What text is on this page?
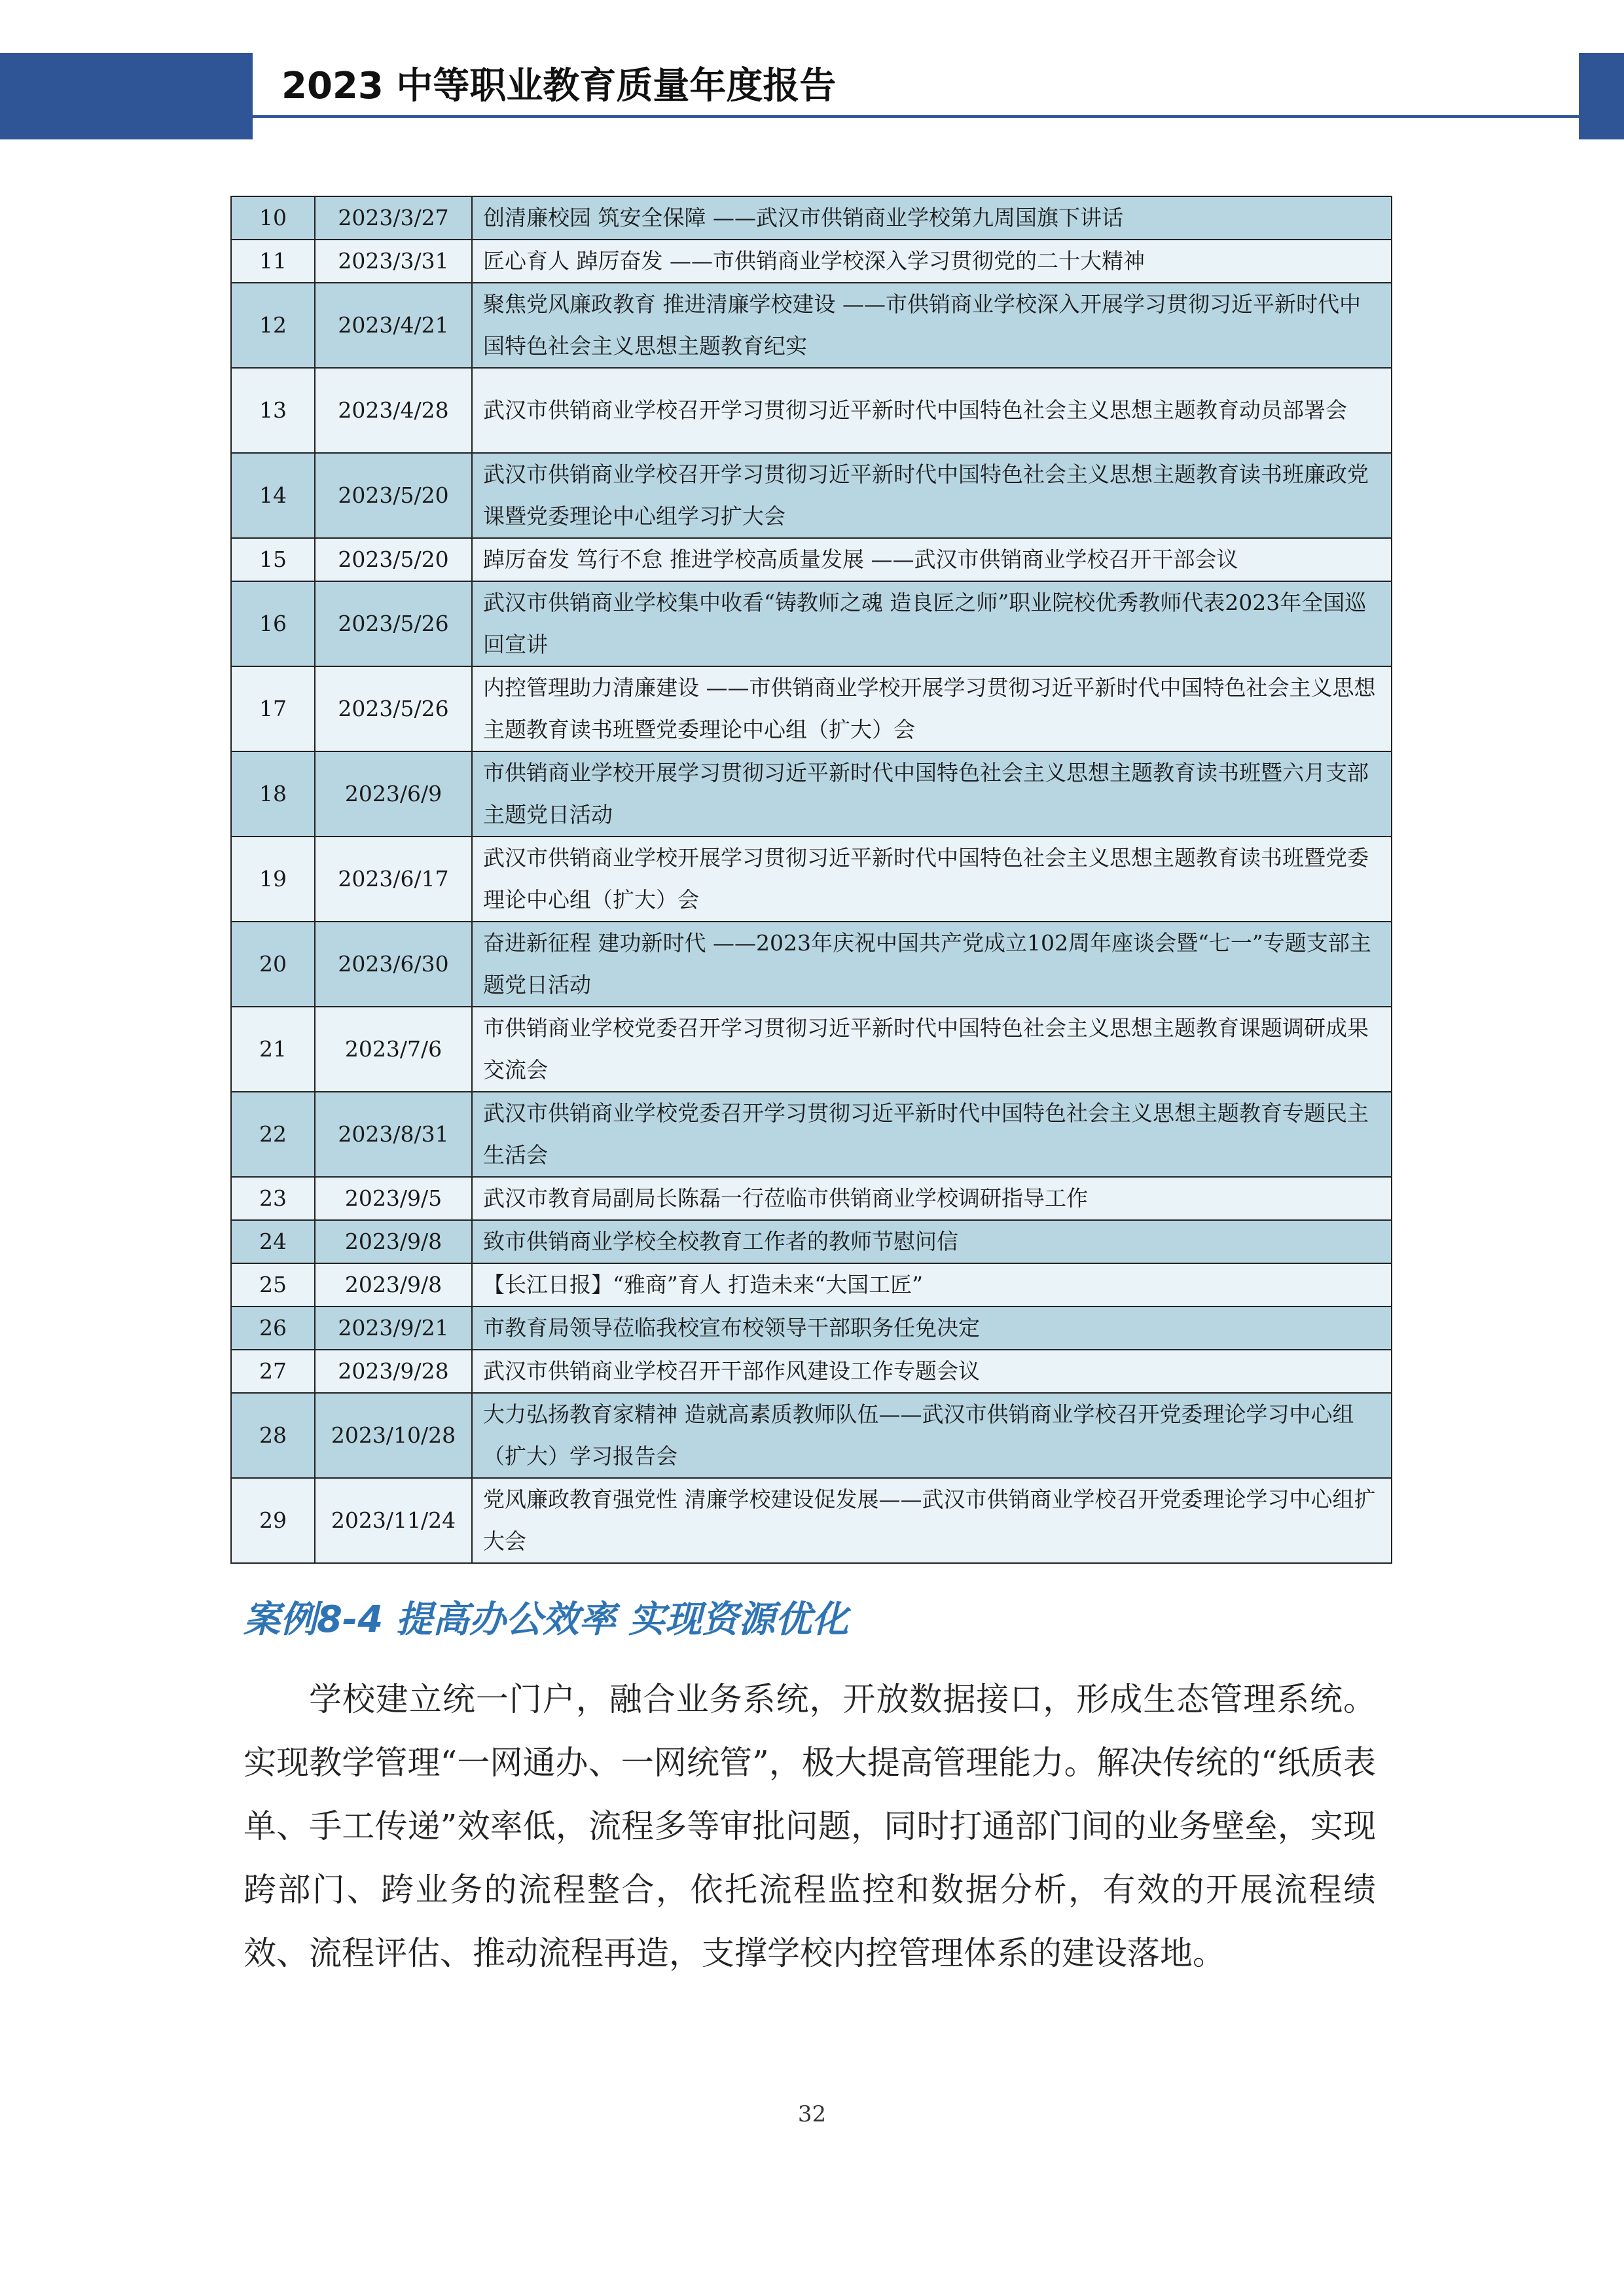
2023 中等职业教育质量年度报告
10	2023/3/27	创清廉校园 筑安全保障 ——武汉市供销商业学校第九周国旗下讲话
11	2023/3/31	匠心育人 踔厉奋发 ——市供销商业学校深入学习贯彻党的二十大精神
12	2023/4/21	聚焦党风廉政教育 推进清廉学校建设 ——市供销商业学校深入开展学习贯彻习近平新时代中国特色社会主义思想主题教育纪实
13	2023/4/28	武汉市供销商业学校召开学习贯彻习近平新时代中国特色社会主义思想主题教育动员部署会
14	2023/5/20	武汉市供销商业学校召开学习贯彻习近平新时代中国特色社会主义思想主题教育读书班廉政党课暨党委理论中心组学习扩大会
15	2023/5/20	踔厉奋发 笃行不怠 推进学校高质量发展 ——武汉市供销商业学校召开干部会议
16	2023/5/26	武汉市供销商业学校集中收看“铸教师之魂 造良匠之师”职业院校优秀教师代表2023年全国巡回宣讲
17	2023/5/26	内控管理助力清廉建设 ——市供销商业学校开展学习贯彻习近平新时代中国特色社会主义思想主题教育读书班暨党委理论中心组（扩大）会
18	2023/6/9	市供销商业学校开展学习贯彻习近平新时代中国特色社会主义思想主题教育读书班暨六月支部主题党日活动
19	2023/6/17	武汉市供销商业学校开展学习贯彻习近平新时代中国特色社会主义思想主题教育读书班暨党委理论中心组（扩大）会
20	2023/6/30	奋进新征程 建功新时代 ——2023年庆祝中国共产党成立102周年座谈会暨“七一”专题支部主题党日活动
21	2023/7/6	市供销商业学校党委召开学习贯彻习近平新时代中国特色社会主义思想主题教育课题调研成果交流会
22	2023/8/31	武汉市供销商业学校党委召开学习贯彻习近平新时代中国特色社会主义思想主题教育专题民主生活会
23	2023/9/5	武汉市教育局副局长陈磊一行莅临市供销商业学校调研指导工作
24	2023/9/8	致市供销商业学校全校教育工作者的教师节慰问信
25	2023/9/8	【长江日报】“雅商”育人 打造未来“大国工匠”
26	2023/9/21	市教育局领导莅临我校宣布校领导干部职务任免决定
27	2023/9/28	武汉市供销商业学校召开干部作风建设工作专题会议
28	2023/10/28	大力弘扬教育家精神 造就高素质教师队伍——武汉市供销商业学校召开党委理论学习中心组（扩大）学习报告会
29	2023/11/24	党风廉政教育强党性 清廉学校建设促发展——武汉市供销商业学校召开党委理论学习中心组扩大会
案例8-4 提高办公效率 实现资源优化
学校建立统一门户，融合业务系统，开放数据接口，形成生态管理系统。实现教学管理“一网通办、一网统管”，极大提高管理能力。解决传统的“纸质表单、手工传递”效率低，流程多等审批问题，同时打通部门间的业务壁垒，实现跨部门、跨业务的流程整合，依托流程监控和数据分析，有效的开展流程绩效、流程评估、推动流程再造，支撑学校内控管理体系的建设落地。
32
